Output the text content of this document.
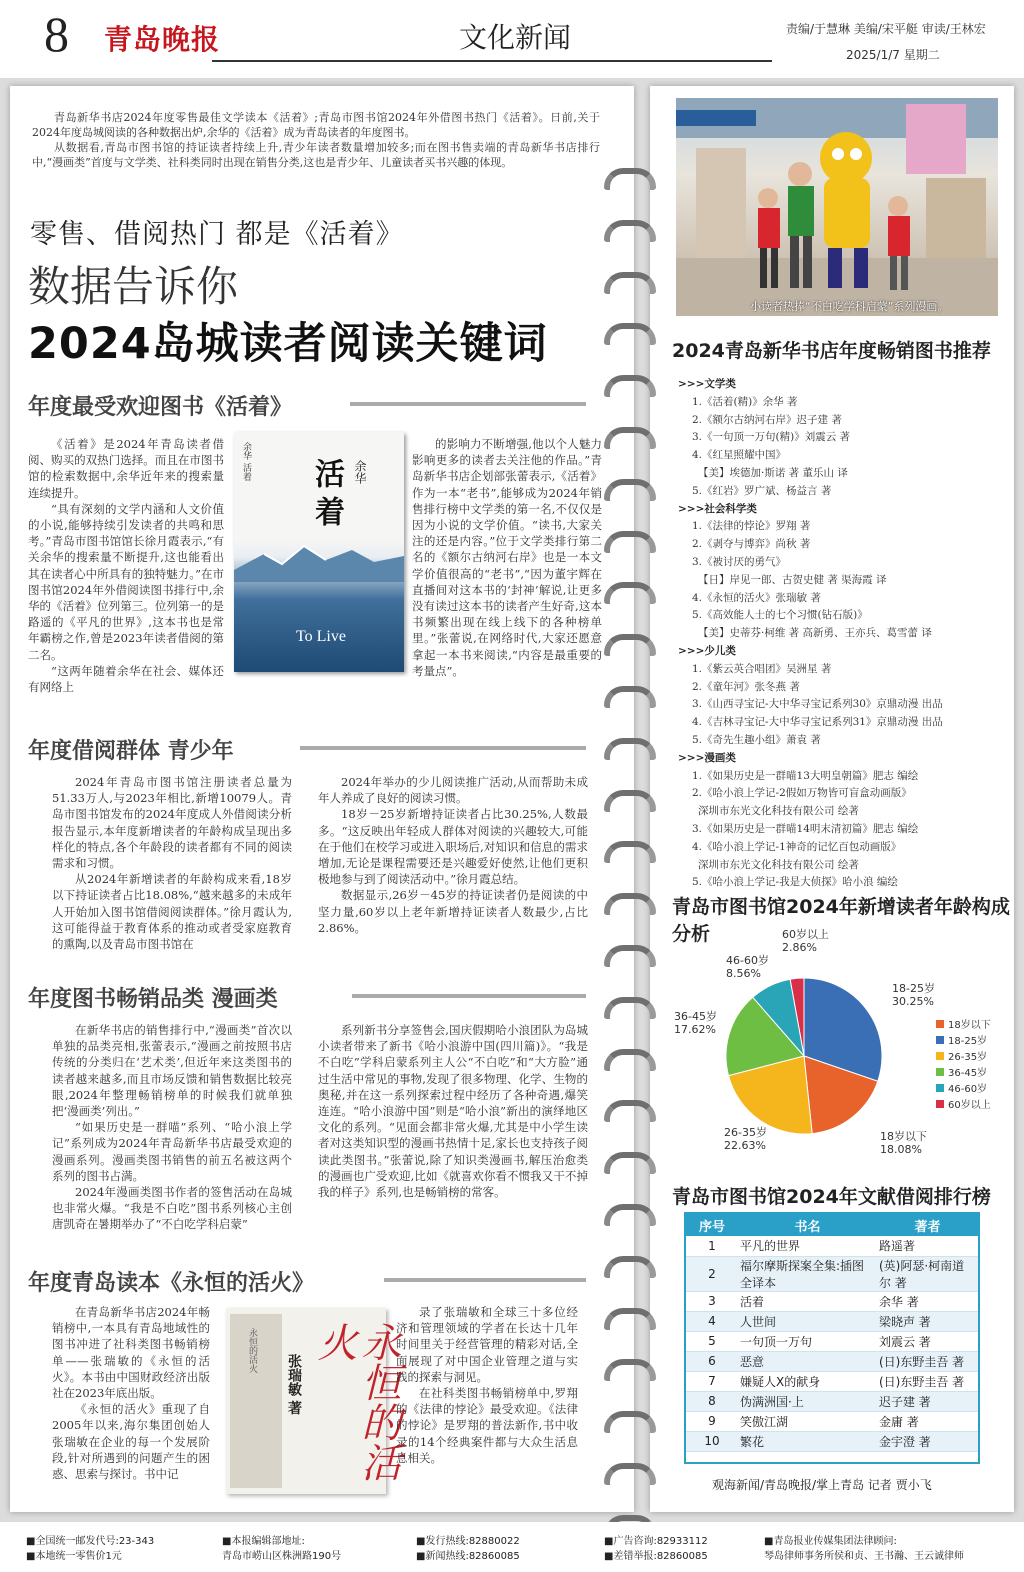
8 青岛晚报	文化新闻	责编/于慧琳 美编/宋平艇 审读/王林宏
2025/1/7 星期二

青岛新华书店2024年度零售最佳文学读本《活着》;青岛市图书馆2024年外借图书热门《活着》。日前,关于2024年度岛城阅读的各种数据出炉,余华的《活着》成为青岛读者的年度图书。

从数据看,青岛市图书馆的持证读者持续上升,青少年读者数量增加较多;而在图书售卖端的青岛新华书店排行中,“漫画类”首度与文学类、社科类同时出现在销售分类,这也是青少年、儿童读者买书兴趣的体现。

零售、借阅热门 都是《活着》
数据告诉你
2024岛城读者阅读关键词
年度最受欢迎图书《活着》

《活着》是2024年青岛读者借阅、购买的双热门选择。而且在市图书馆的检索数据中,余华近年来的搜索量连续提升。

“具有深刻的文学内涵和人文价值的小说,能够持续引发读者的共鸣和思考。”青岛市图书馆馆长徐月霞表示,“有关余华的搜索量不断提升,这也能看出其在读者心中所具有的独特魅力。”在市图书馆2024年外借阅读图书排行中,余华的《活着》位列第三。位列第一的是路遥的《平凡的世界》,这本书也是常年霸榜之作,曾是2023年读者借阅的第二名。

“这两年随着余华在社会、媒体还有网络上

余华 活着 活着 余华
To Live

的影响力不断增强,他以个人魅力影响更多的读者去关注他的作品。”青岛新华书店企划部张蕾表示,《活着》作为一本“老书”,能够成为2024年销售排行榜中文学类的第一名,不仅仅是因为小说的文学价值。“读书,大家关注的还是内容。”位于文学类排行第二名的《额尔古纳河右岸》也是一本文学价值很高的“老书”,“因为董宇辉在直播间对这本书的‘封神’解说,让更多没有读过这本书的读者产生好奇,这本书频繁出现在线上线下的各种榜单里。”张蕾说,在网络时代,大家还愿意拿起一本书来阅读,“内容是最重要的考量点”。

年度借阅群体 青少年

2024年青岛市图书馆注册读者总量为51.33万人,与2023年相比,新增10079人。青岛市图书馆发布的2024年度成人外借阅读分析报告显示,本年度新增读者的年龄构成呈现出多样化的特点,各个年龄段的读者都有不同的阅读需求和习惯。

从2024年新增读者的年龄构成来看,18岁以下持证读者占比18.08%,“越来越多的未成年人开始加入图书馆借阅阅读群体。”徐月霞认为,这可能得益于教育体系的推动或者受家庭教育的熏陶,以及青岛市图书馆在

2024年举办的少儿阅读推广活动,从而帮助未成年人养成了良好的阅读习惯。

18岁－25岁新增持证读者占比30.25%,人数最多。“这反映出年轻成人群体对阅读的兴趣较大,可能在于他们在校学习或进入职场后,对知识和信息的需求增加,无论是课程需要还是兴趣爱好使然,让他们更积极地参与到了阅读活动中。”徐月霞总结。

数据显示,26岁－45岁的持证读者仍是阅读的中坚力量,60岁以上老年新增持证读者人数最少,占比2.86%。

年度图书畅销品类 漫画类

在新华书店的销售排行中,“漫画类”首次以单独的品类亮相,张蕾表示,“漫画之前按照书店传统的分类归在‘艺术类’,但近年来这类图书的读者越来越多,而且市场反馈和销售数据比较亮眼,2024年整理畅销榜单的时候我们就单独把‘漫画类’列出。”

“如果历史是一群喵”系列、“哈小浪上学记”系列成为2024年青岛新华书店最受欢迎的漫画系列。漫画类图书销售的前五名被这两个系列的图书占满。

2024年漫画类图书作者的签售活动在岛城也非常火爆。“我是不白吃”图书系列核心主创唐凯奇在暑期举办了“不白吃学科启蒙”

系列新书分享签售会,国庆假期哈小浪团队为岛城小读者带来了新书《哈小浪游中国(四川篇)》。“我是不白吃”学科启蒙系列主人公“不白吃”和“大方脸”通过生活中常见的事物,发现了很多物理、化学、生物的奥秘,并在这一系列探索过程中经历了各种奇遇,爆笑连连。“哈小浪游中国”则是“哈小浪”新出的演绎地区文化的系列。“见面会都非常火爆,尤其是中小学生读者对这类知识型的漫画书热情十足,家长也支持孩子阅读此类图书。”张蕾说,除了知识类漫画书,解压治愈类的漫画也广受欢迎,比如《就喜欢你看不惯我又干不掉我的样子》系列,也是畅销榜的常客。

年度青岛读本《永恒的活火》

在青岛新华书店2024年畅销榜中,一本具有青岛地域性的图书冲进了社科类图书畅销榜单——张瑞敏的《永恒的活火》。本书由中国财政经济出版社在2023年底出版。

《永恒的活火》重现了自2005年以来,海尔集团创始人张瑞敏在企业的每一个发展阶段,针对所遇到的问题产生的困惑、思索与探讨。书中记

永恒的活火
张瑞敏 著	永恒的活火

录了张瑞敏和全球三十多位经济和管理领域的学者在长达十几年时间里关于经营管理的精彩对话,全面展现了对中国企业管理之道与实践的探索与洞见。

在社科类图书畅销榜单中,罗翔的《法律的悖论》最受欢迎。《法律的悖论》是罗翔的普法新作,书中收录的14个经典案件都与大众生活息息相关。

小读者热捧“不白吃学科启蒙”系列漫画。
2024青岛新华书店年度畅销图书推荐
>>>文学类
1.《活着(精)》余华 著
2.《额尔古纳河右岸》迟子建 著
3.《一句顶一万句(精)》刘震云 著
4.《红星照耀中国》
【美】埃德加·斯诺 著 董乐山 译
5.《红岩》罗广斌、杨益言 著
>>>社会科学类
1.《法律的悖论》罗翔 著
2.《剥夺与博弈》尚秋 著
3.《被讨厌的勇气》
【日】岸见一郎、古贺史健 著 渠海霞 译
4.《永恒的活火》张瑞敏 著
5.《高效能人士的七个习惯(钻石版)》
【美】史蒂芬·柯维 著 高新勇、王亦兵、葛雪蕾 译
>>>少儿类
1.《紫云英合唱团》吴洲星 著
2.《童年河》张冬燕 著
3.《山西寻宝记-大中华寻宝记系列30》京鼎动漫 出品
4.《吉林寻宝记-大中华寻宝记系列31》京鼎动漫 出品
5.《奇先生趣小组》萧袁 著
>>>漫画类
1.《如果历史是一群喵13大明皇朝篇》肥志 编绘
2.《哈小浪上学记-2假如万物皆可盲盒动画版》
深圳市东光文化科技有限公司 绘著
3.《如果历史是一群喵14明末清初篇》肥志 编绘
4.《哈小浪上学记-1神奇的记忆百包动画版》
深圳市东光文化科技有限公司 绘著
5.《哈小浪上学记-我是大侦探》哈小浪 编绘
青岛市图书馆2024年新增读者年龄构成分析	60岁以上
2.86%
18-25岁
30.25%
18岁以下
18.08%
26-35岁
22.63%
36-45岁
17.62%
46-60岁
8.56%
18岁以下
18-25岁
26-35岁
36-45岁
46-60岁
60岁以上
青岛市图书馆2024年文献借阅排行榜
序号	书名	著者
1	平凡的世界	路遥著
2	福尔摩斯探案全集:插图全译本	(英)阿瑟·柯南道尔 著
3	活着	余华 著
4	人世间	梁晓声 著
5	一句顶一万句	刘震云 著
6	恶意	(日)东野圭吾 著
7	嫌疑人X的献身	(日)东野圭吾 著
8	伪满洲国·上	迟子建 著
9	笑傲江湖	金庸 著
10	繁花	金宇澄 著
观海新闻/青岛晚报/掌上青岛 记者 贾小飞
■全国统一邮发代号:23-343
■本地统一零售价1元
■本报编辑部地址:
青岛市崂山区株洲路190号
■发行热线:82880022
■新闻热线:82860085
■广告咨询:82933112
■差错举报:82860085
■青岛报业传媒集团法律顾问:
琴岛律师事务所侯和贞、王书瀚、王云诚律师
